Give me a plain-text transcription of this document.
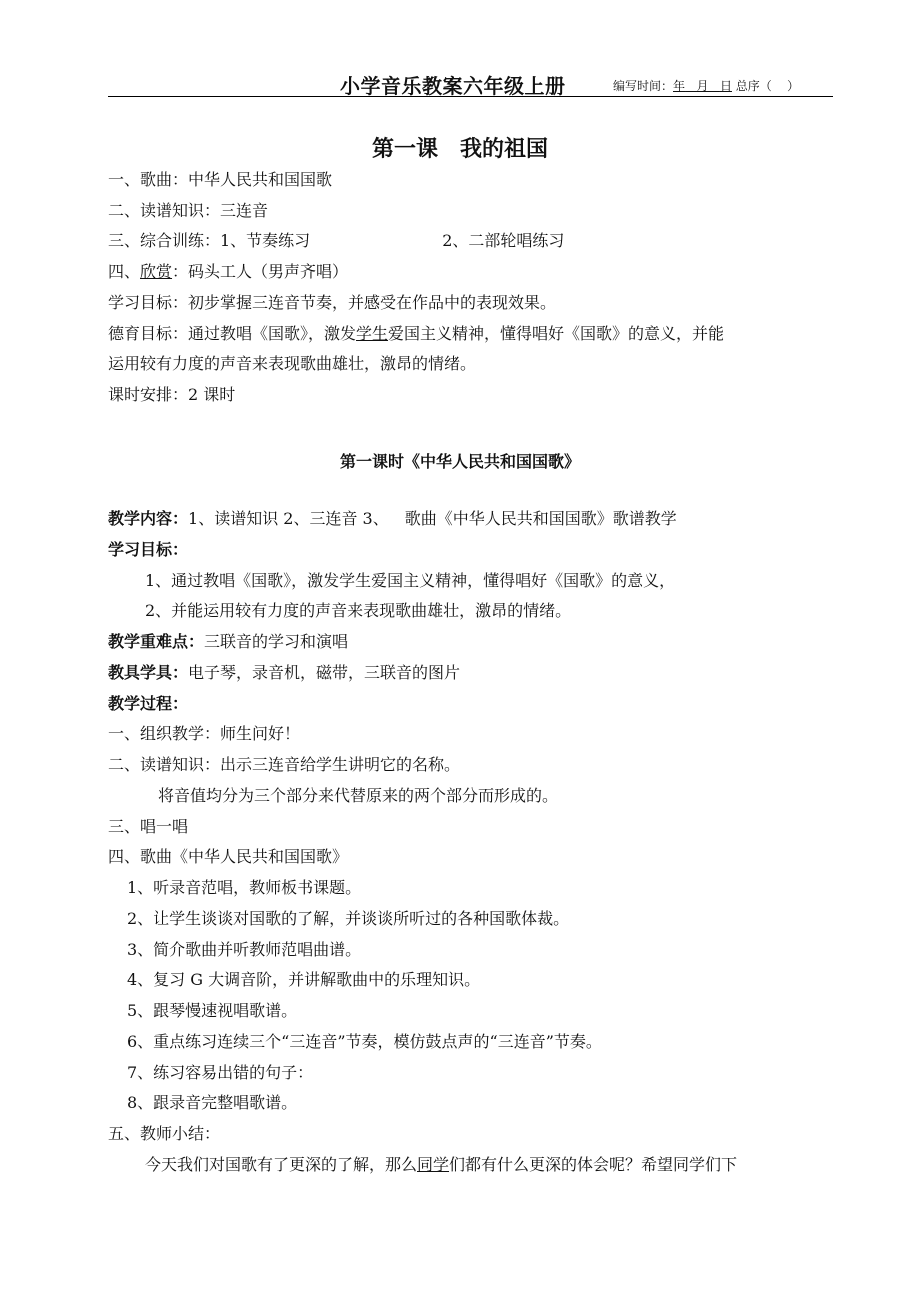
小学音乐教案六年级上册	编写时间：年 月 日 总序（ ）
第一课 我的祖国
一、歌曲：中华人民共和国国歌
二、读谱知识：三连音
三、综合训练：1、节奏练习	2、二部轮唱练习
四、欣赏：码头工人（男声齐唱）
学习目标：初步掌握三连音节奏，并感受在作品中的表现效果。
德育目标：通过教唱《国歌》，激发学生爱国主义精神，懂得唱好《国歌》的意义，并能
运用较有力度的声音来表现歌曲雄壮，激昂的情绪。
课时安排：2 课时
第一课时《中华人民共和国国歌》
教学内容：1、读谱知识 2、三连音 3、 歌曲《中华人民共和国国歌》歌谱教学
学习目标：
1、通过教唱《国歌》，激发学生爱国主义精神，懂得唱好《国歌》的意义，
2、并能运用较有力度的声音来表现歌曲雄壮，激昂的情绪。
教学重难点：三联音的学习和演唱
教具学具：电子琴，录音机，磁带，三联音的图片
教学过程：
一、组织教学：师生问好！
二、读谱知识：出示三连音给学生讲明它的名称。
将音值均分为三个部分来代替原来的两个部分而形成的。
三、唱一唱
四、歌曲《中华人民共和国国歌》
1、听录音范唱，教师板书课题。
2、让学生谈谈对国歌的了解，并谈谈所听过的各种国歌体裁。
3、简介歌曲并听教师范唱曲谱。
4、复习 G 大调音阶，并讲解歌曲中的乐理知识。
5、跟琴慢速视唱歌谱。
6、重点练习连续三个“三连音”节奏，模仿鼓点声的“三连音”节奏。
7、练习容易出错的句子：
8、跟录音完整唱歌谱。
五、教师小结：
今天我们对国歌有了更深的了解，那么同学们都有什么更深的体会呢？希望同学们下
